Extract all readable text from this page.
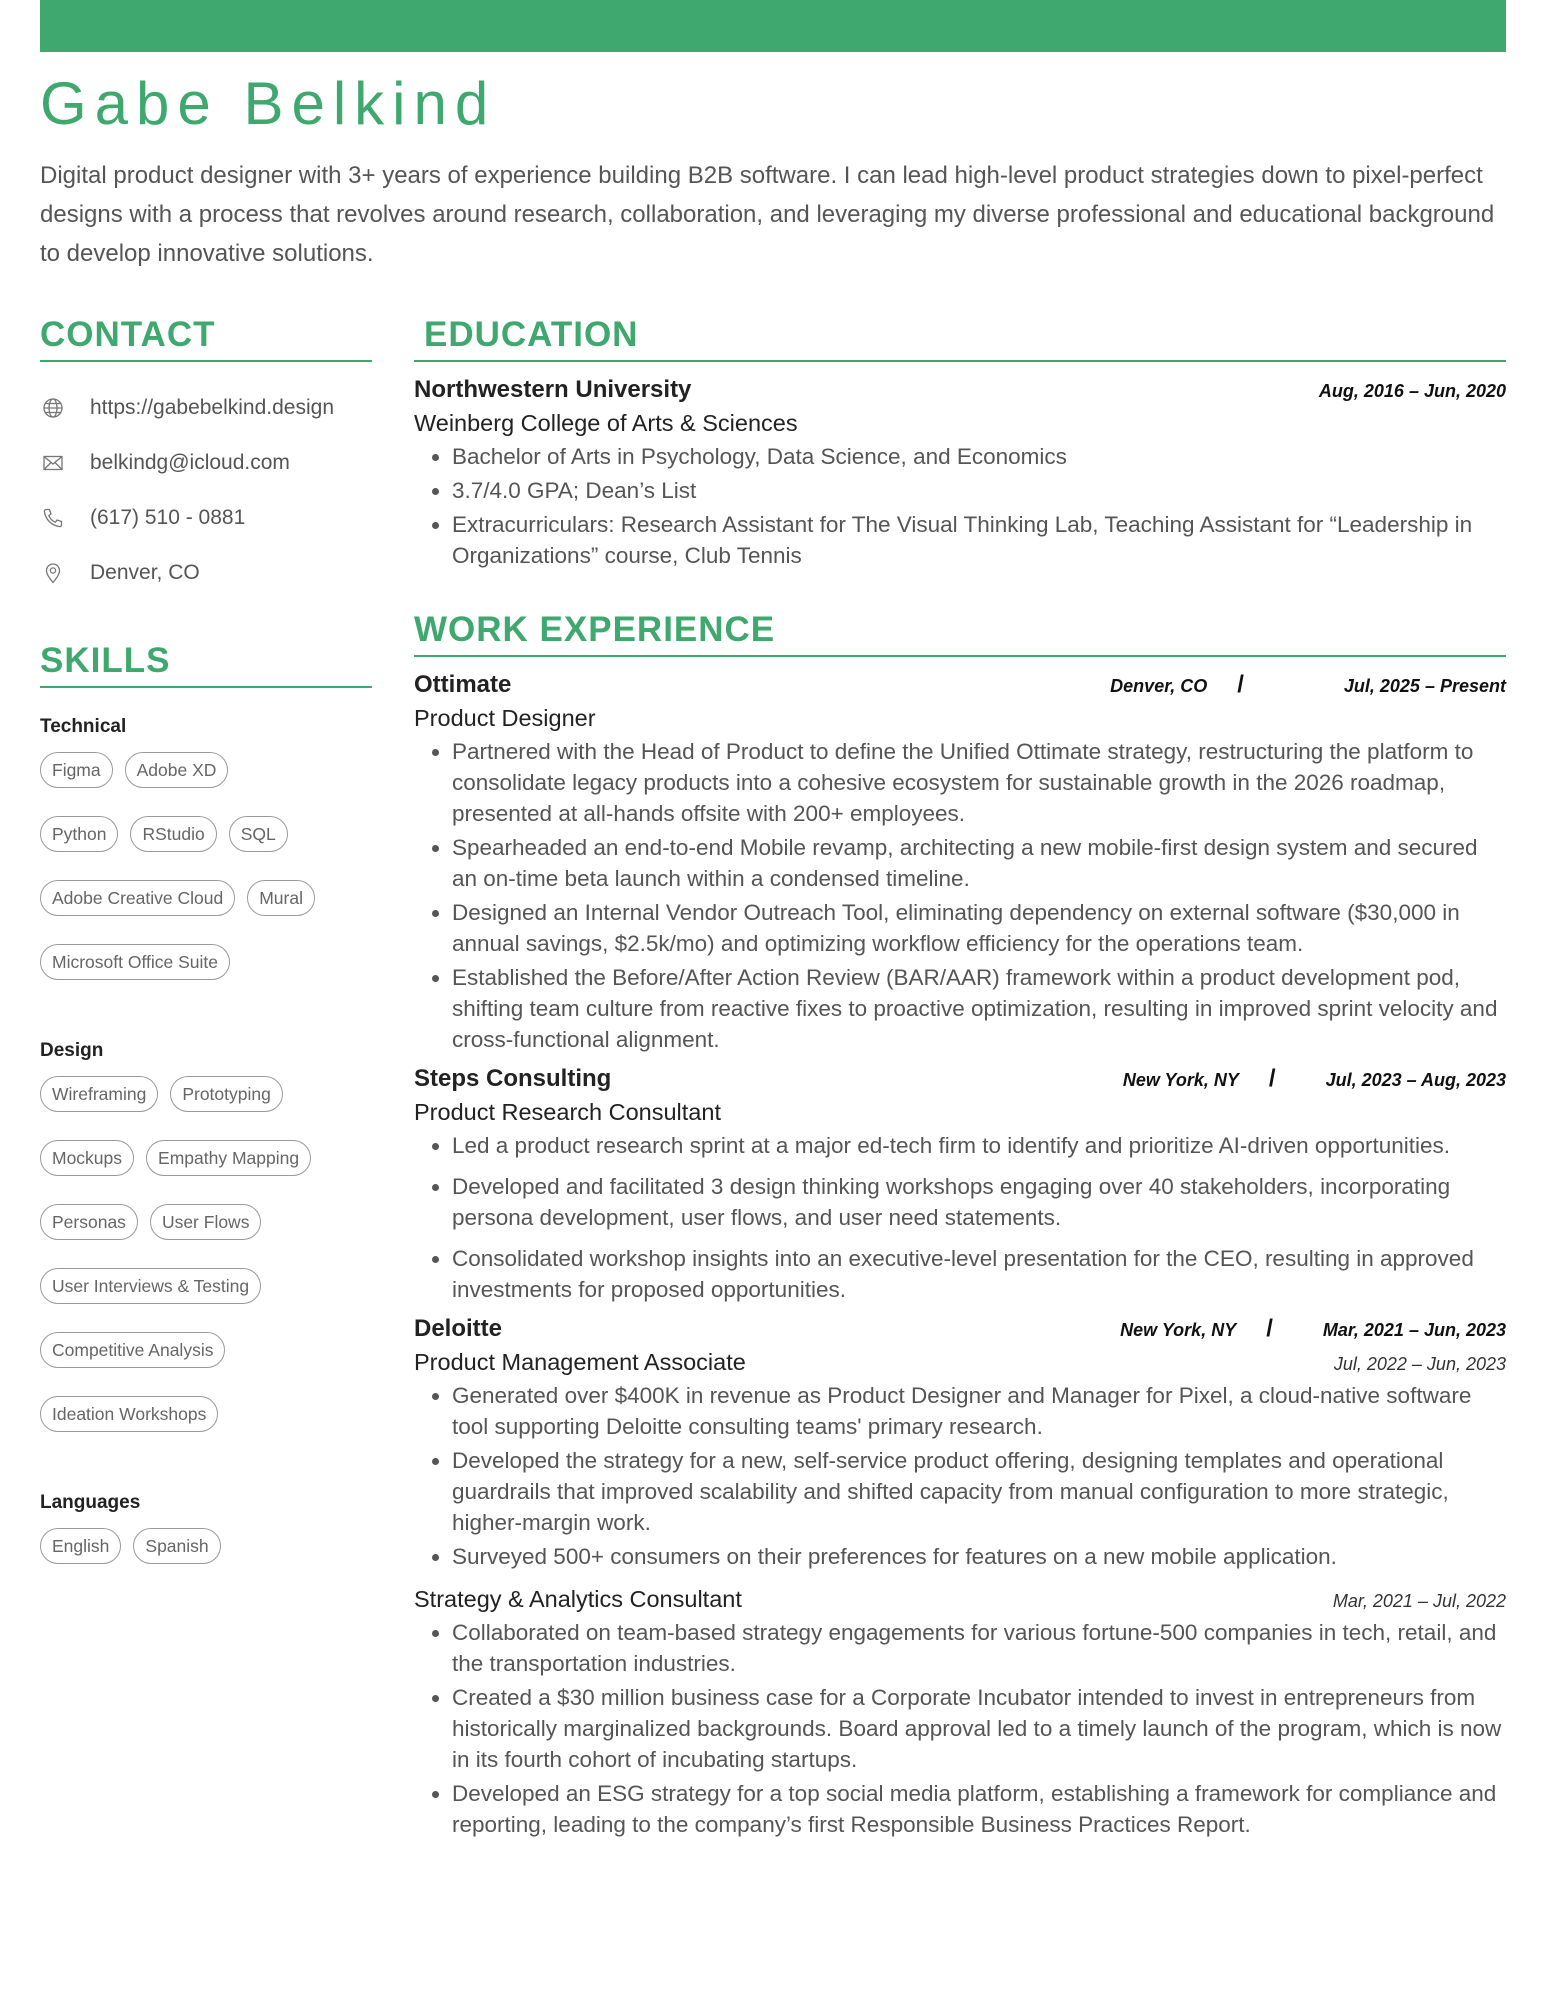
Gabe Belkind

Digital product designer with 3+ years of experience building B2B software. I can lead high-level product strategies down to pixel-perfect designs with a process that revolves around research, collaboration, and leveraging my diverse professional and educational background to develop innovative solutions.

CONTACT
https://gabebelkind.design
belkindg@icloud.com
(617) 510 - 0881
Denver, CO
SKILLS
Technical
Figma	Adobe XD
Python	RStudio	SQL
Adobe Creative Cloud	Mural
Microsoft Office Suite
Design
Wireframing	Prototyping
Mockups	Empathy Mapping
Personas	User Flows
User Interviews & Testing
Competitive Analysis
Ideation Workshops
Languages
English	Spanish
EDUCATION
Northwestern University	Aug, 2016 – Jun, 2020
Weinberg College of Arts & Sciences
• Bachelor of Arts in Psychology, Data Science, and Economics
• 3.7/4.0 GPA; Dean’s List
• Extracurriculars: Research Assistant for The Visual Thinking Lab, Teaching Assistant for “Leadership in Organizations” course, Club Tennis
WORK EXPERIENCE
Ottimate	Denver, CO /	Jul, 2025 – Present
Product Designer
• Partnered with the Head of Product to define the Unified Ottimate strategy, restructuring the platform to consolidate legacy products into a cohesive ecosystem for sustainable growth in the 2026 roadmap, presented at all-hands offsite with 200+ employees.
• Spearheaded an end-to-end Mobile revamp, architecting a new mobile-first design system and secured an on-time beta launch within a condensed timeline.
• Designed an Internal Vendor Outreach Tool, eliminating dependency on external software ($30,000 in annual savings, $2.5k/mo) and optimizing workflow efficiency for the operations team.
• Established the Before/After Action Review (BAR/AAR) framework within a product development pod, shifting team culture from reactive fixes to proactive optimization, resulting in improved sprint velocity and cross-functional alignment.
Steps Consulting	New York, NY /	Jul, 2023 – Aug, 2023
Product Research Consultant
• Led a product research sprint at a major ed-tech firm to identify and prioritize AI-driven opportunities.
• Developed and facilitated 3 design thinking workshops engaging over 40 stakeholders, incorporating persona development, user flows, and user need statements.
• Consolidated workshop insights into an executive-level presentation for the CEO, resulting in approved investments for proposed opportunities.
Deloitte	New York, NY /	Mar, 2021 – Jun, 2023
Product Management Associate	Jul, 2022 – Jun, 2023
• Generated over $400K in revenue as Product Designer and Manager for Pixel, a cloud-native software tool supporting Deloitte consulting teams' primary research.
• Developed the strategy for a new, self-service product offering, designing templates and operational guardrails that improved scalability and shifted capacity from manual configuration to more strategic, higher-margin work.
• Surveyed 500+ consumers on their preferences for features on a new mobile application.
Strategy & Analytics Consultant	Mar, 2021 – Jul, 2022
• Collaborated on team-based strategy engagements for various fortune-500 companies in tech, retail, and the transportation industries.
• Created a $30 million business case for a Corporate Incubator intended to invest in entrepreneurs from historically marginalized backgrounds. Board approval led to a timely launch of the program, which is now in its fourth cohort of incubating startups.
• Developed an ESG strategy for a top social media platform, establishing a framework for compliance and reporting, leading to the company’s first Responsible Business Practices Report.
